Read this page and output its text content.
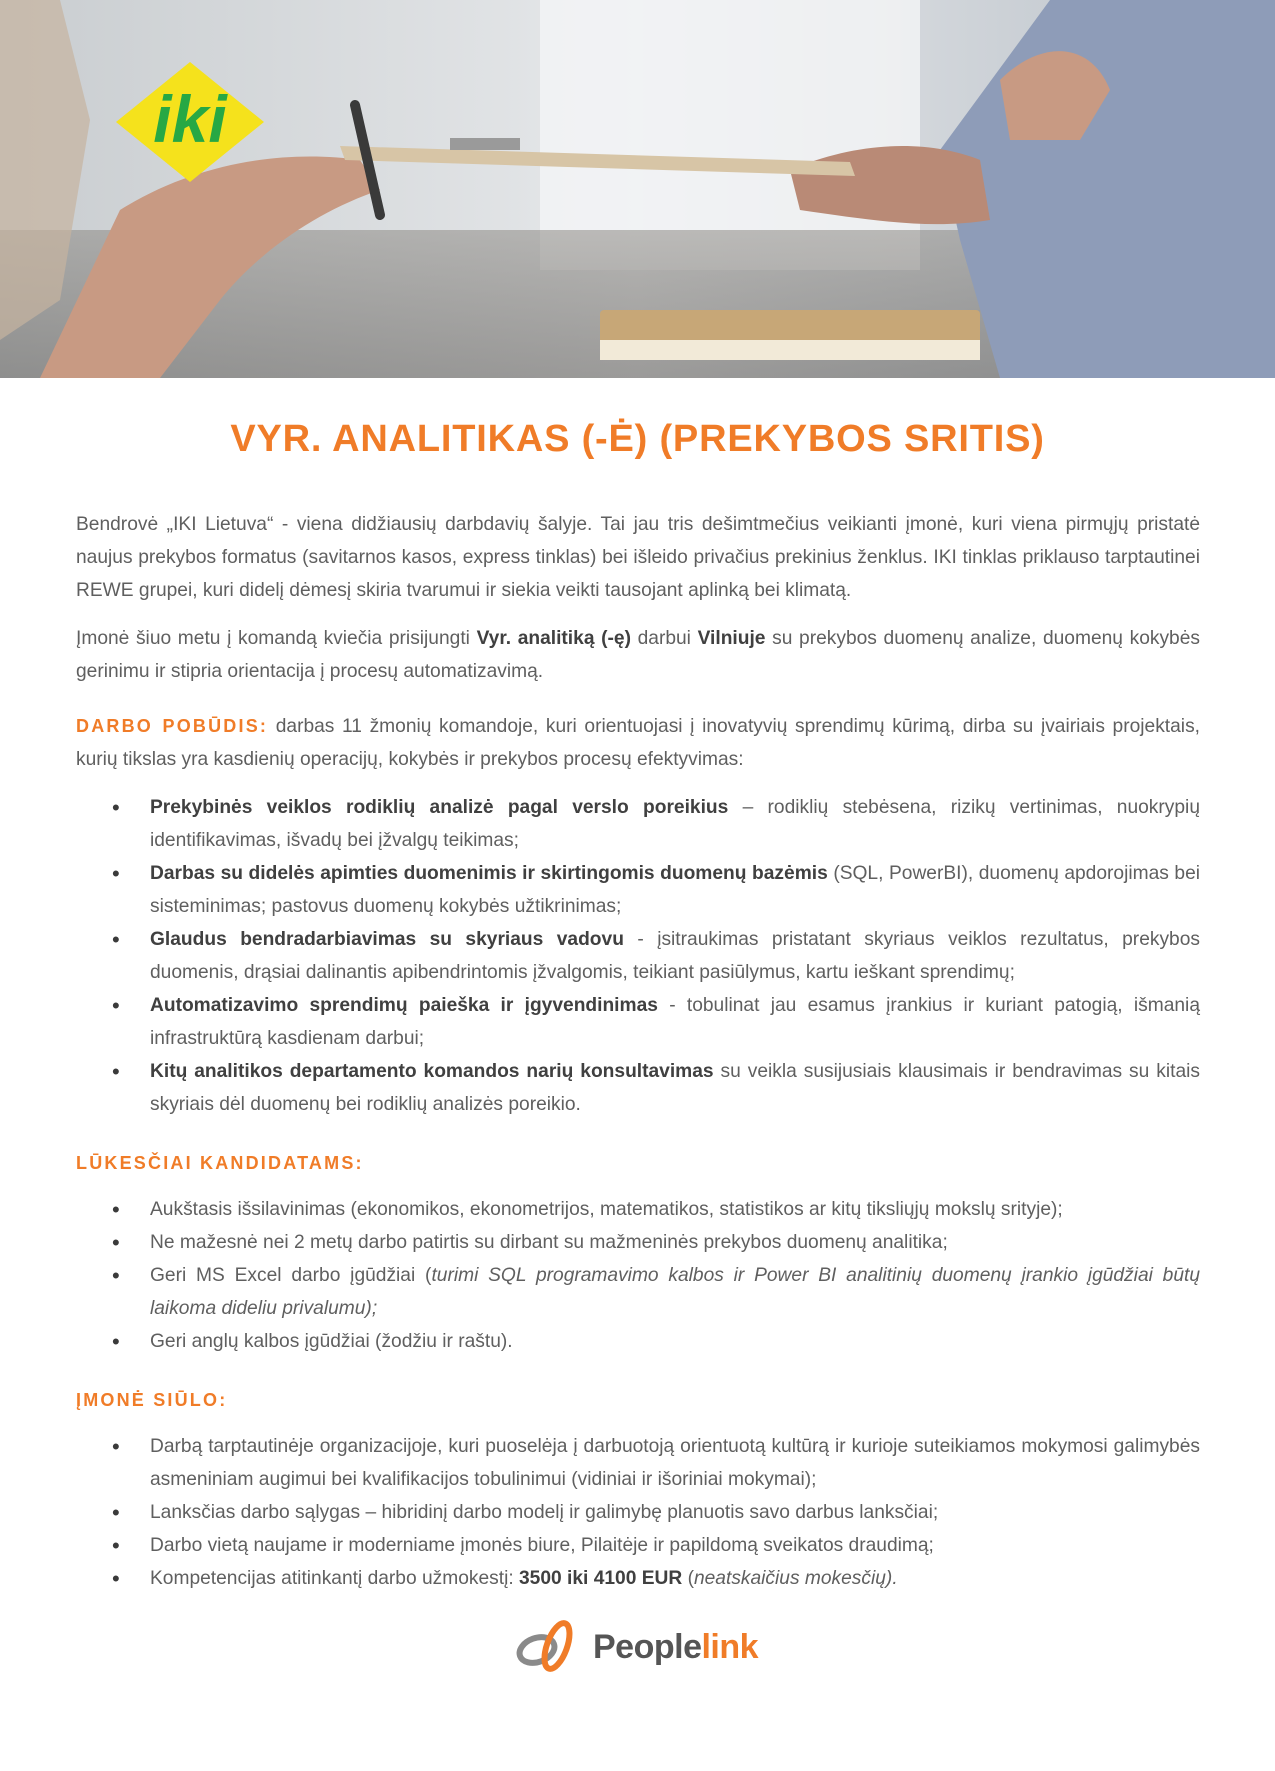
iki
VYR. ANALITIKAS (-Ė) (PREKYBOS SRITIS)

Bendrovė „IKI Lietuva“ - viena didžiausių darbdavių šalyje. Tai jau tris dešimtmečius veikianti įmonė, kuri viena pirmųjų pristatė naujus prekybos formatus (savitarnos kasos, express tinklas) bei išleido privačius prekinius ženklus. IKI tinklas priklauso tarptautinei REWE grupei, kuri didelį dėmesį skiria tvarumui ir siekia veikti tausojant aplinką bei klimatą.

Įmonė šiuo metu į komandą kviečia prisijungti Vyr. analitiką (-ę) darbui Vilniuje su prekybos duomenų analize, duomenų kokybės gerinimu ir stipria orientacija į procesų automatizavimą.

DARBO POBŪDIS: darbas 11 žmonių komandoje, kuri orientuojasi į inovatyvių sprendimų kūrimą, dirba su įvairiais projektais, kurių tikslas yra kasdienių operacijų, kokybės ir prekybos procesų efektyvimas:

• Prekybinės veiklos rodiklių analizė pagal verslo poreikius – rodiklių stebėsena, rizikų vertinimas, nuokrypių identifikavimas, išvadų bei įžvalgų teikimas;
• Darbas su didelės apimties duomenimis ir skirtingomis duomenų bazėmis (SQL, PowerBI), duomenų apdorojimas bei sisteminimas; pastovus duomenų kokybės užtikrinimas;
• Glaudus bendradarbiavimas su skyriaus vadovu - įsitraukimas pristatant skyriaus veiklos rezultatus, prekybos duomenis, drąsiai dalinantis apibendrintomis įžvalgomis, teikiant pasiūlymus, kartu ieškant sprendimų;
• Automatizavimo sprendimų paieška ir įgyvendinimas - tobulinat jau esamus įrankius ir kuriant patogią, išmanią infrastruktūrą kasdienam darbui;
• Kitų analitikos departamento komandos narių konsultavimas su veikla susijusiais klausimais ir bendravimas su kitais skyriais dėl duomenų bei rodiklių analizės poreikio.
LŪKESČIAI KANDIDATAMS:
• Aukštasis išsilavinimas (ekonomikos, ekonometrijos, matematikos, statistikos ar kitų tiksliųjų mokslų srityje);
• Ne mažesnė nei 2 metų darbo patirtis su dirbant su mažmeninės prekybos duomenų analitika;
• Geri MS Excel darbo įgūdžiai (turimi SQL programavimo kalbos ir Power BI analitinių duomenų įrankio įgūdžiai būtų laikoma dideliu privalumu);
• Geri anglų kalbos įgūdžiai (žodžiu ir raštu).
ĮMONĖ SIŪLO:
• Darbą tarptautinėje organizacijoje, kuri puoselėja į darbuotoją orientuotą kultūrą ir kurioje suteikiamos mokymosi galimybės asmeniniam augimui bei kvalifikacijos tobulinimui (vidiniai ir išoriniai mokymai);
• Lanksčias darbo sąlygas – hibridinį darbo modelį ir galimybę planuotis savo darbus lanksčiai;
• Darbo vietą naujame ir moderniame įmonės biure, Pilaitėje ir papildomą sveikatos draudimą;
• Kompetencijas atitinkantį darbo užmokestį: 3500 iki 4100 EUR (neatskaičius mokesčių).
Peoplelink
